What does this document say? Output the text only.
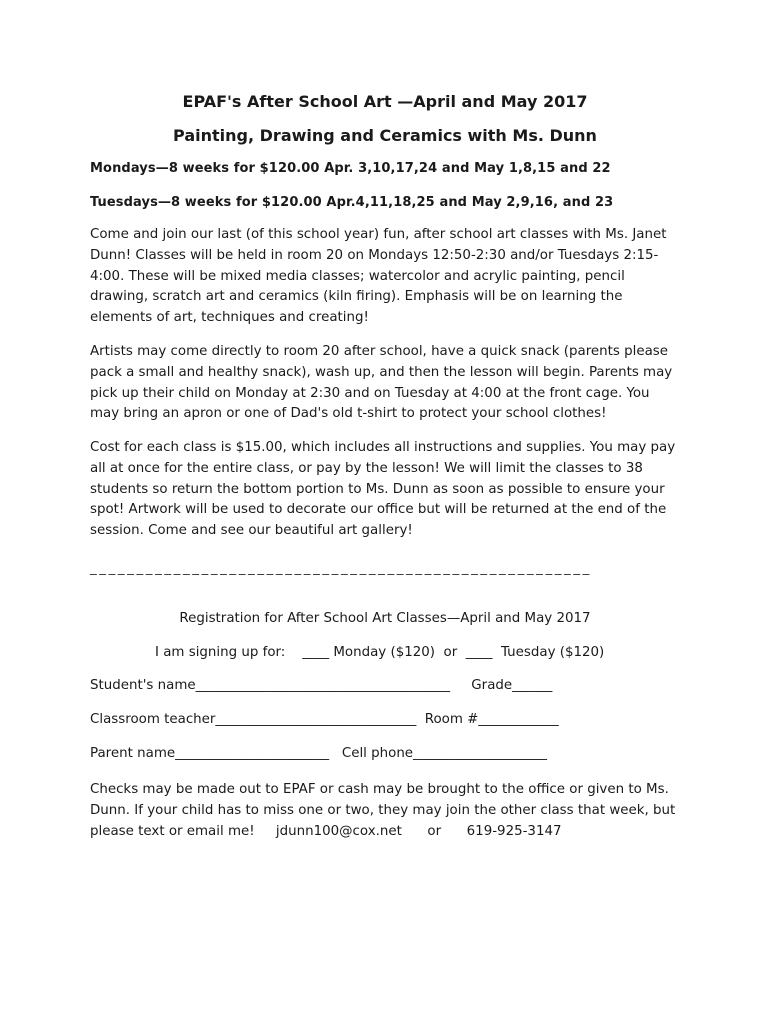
EPAF's After School Art —April and May 2017
Painting, Drawing and Ceramics with Ms. Dunn

Mondays—8 weeks for $120.00 Apr. 3,10,17,24 and May 1,8,15 and 22

Tuesdays—8 weeks for $120.00 Apr.4,11,18,25 and May 2,9,16, and 23

Come and join our last (of this school year) fun, after school art classes with Ms. Janet Dunn! Classes will be held in room 20 on Mondays 12:50-2:30 and/or Tuesdays 2:15-4:00. These will be mixed media classes; watercolor and acrylic painting, pencil drawing, scratch art and ceramics (kiln firing). Emphasis will be on learning the elements of art, techniques and creating!

Artists may come directly to room 20 after school, have a quick snack (parents please pack a small and healthy snack), wash up, and then the lesson will begin. Parents may pick up their child on Monday at 2:30 and on Tuesday at 4:00 at the front cage. You may bring an apron or one of Dad's old t-shirt to protect your school clothes!

Cost for each class is $15.00, which includes all instructions and supplies. You may pay all at once for the entire class, or pay by the lesson! We will limit the classes to 38 students so return the bottom portion to Ms. Dunn as soon as possible to ensure your spot! Artwork will be used to decorate our office but will be returned at the end of the session. Come and see our beautiful art gallery!

______________________________________________________

Registration for After School Art Classes—April and May 2017

I am signing up for:    ____ Monday ($120)  or  ____  Tuesday ($120)

Student's name______________________________________     Grade______

Classroom teacher______________________________  Room #____________

Parent name_______________________   Cell phone____________________

Checks may be made out to EPAF or cash may be brought to the office or given to Ms. Dunn. If your child has to miss one or two, they may join the other class that week, but please text or email me! jdunn100@cox.net or 619-925-3147
